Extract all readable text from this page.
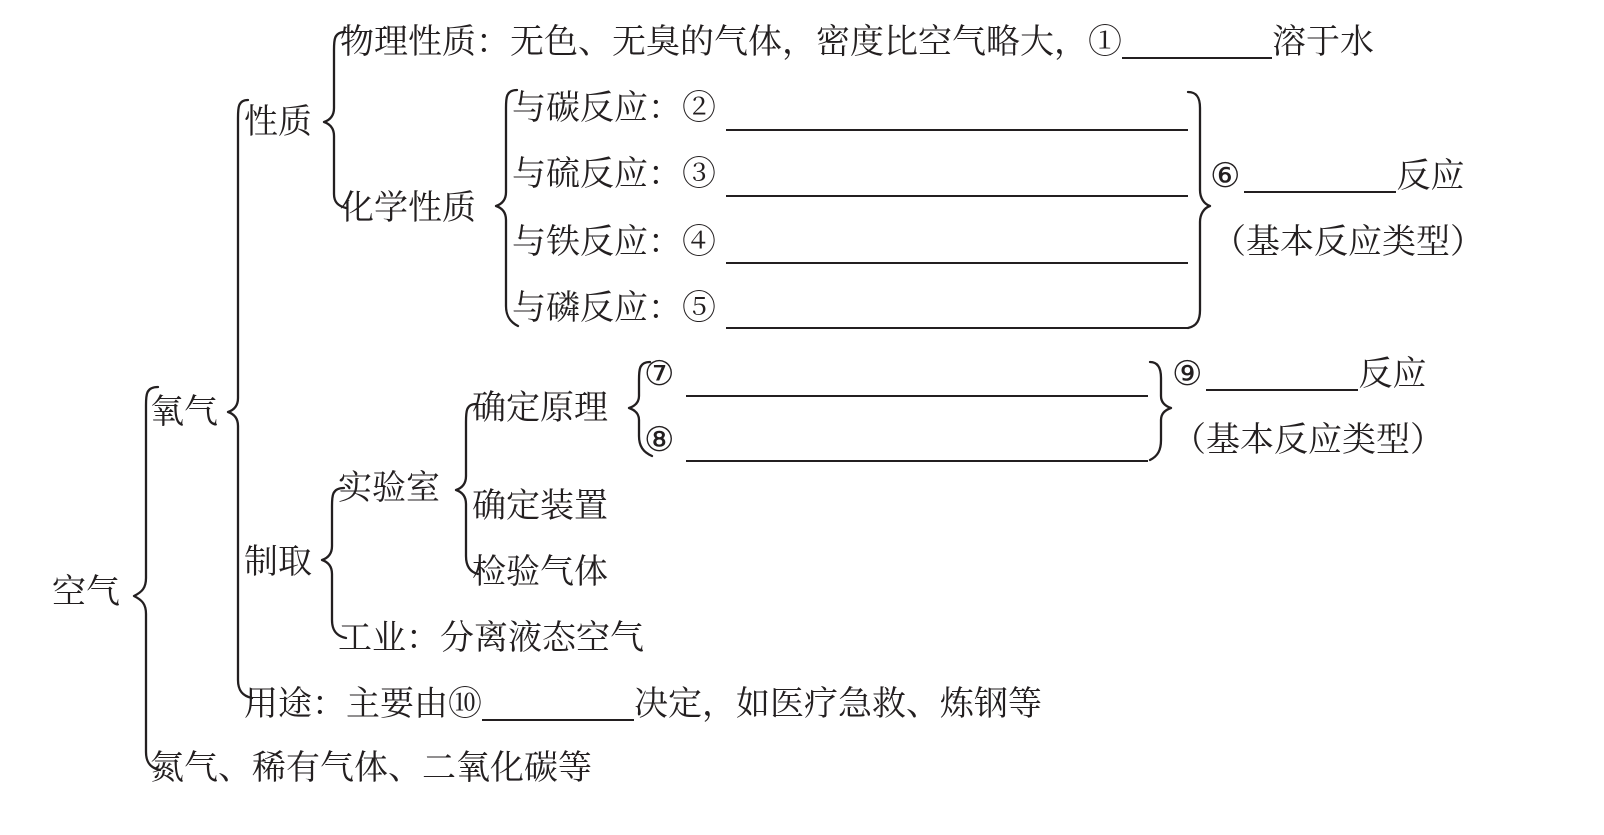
空气
氧气
氮气、稀有气体、二氧化碳等
性质
制取
用途：主要由⑩	决定，如医疗急救、炼钢等
物理性质：无色、无臭的气体，密度比空气略大，①	溶于水
化学性质
与碳反应：②
与硫反应：③
与铁反应：④
与磷反应：⑤
⑥	反应
（基本反应类型）
实验室
确定原理
确定装置
检验气体
⑦
⑧
⑨	反应
（基本反应类型）
工业：分离液态空气
